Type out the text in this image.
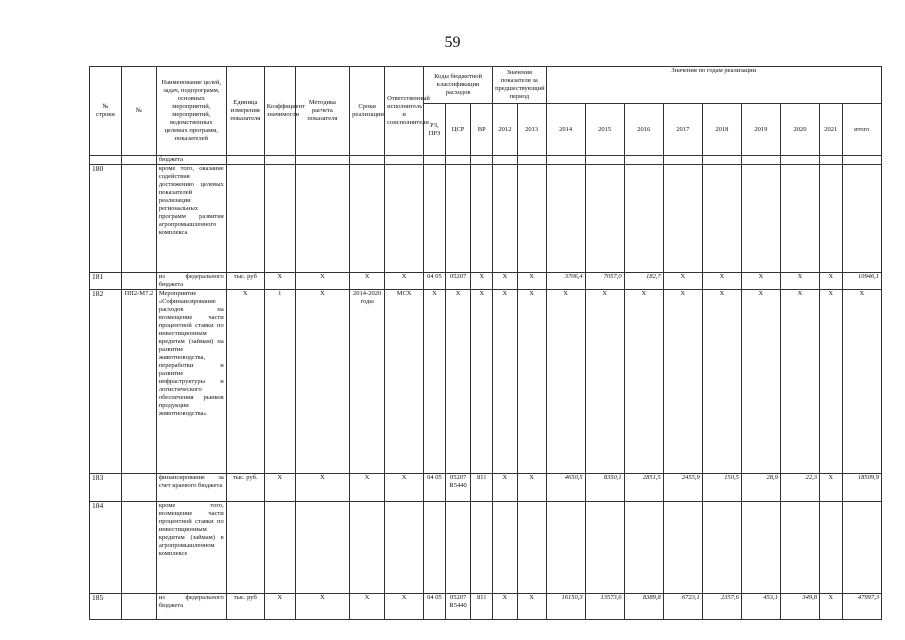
59
№
строки	№	Наименование целей, задач, подпрограмм, основных мероприятий, мероприятий, ведомственных целевых программ, показателей	Единица измерения показателя	Коэффициент значимости	Методика расчета показателя	Сроки реализации	Ответственный исполнитель и соисполнители	Коды бюджетной классификации расходов			Значения показателя за предшествующий период		Значения по годам реализации								
								РЗ, ПРЗ	ЦСР	ВР	2012	2013	2014	2015	2016	2017	2018	2019	2020	2021	итого
		бюджета																			
180		кроме того, оказание содействия достижению целевых показателей реализации региональных программ развития агропромышленного комплекса																			
181		из федерального бюджета	тыс. руб	X	X	X	X	04 05	05207	X	X	X	3706,4	7057,0	182,7	X	X	X	X	X	10946,1
182	ПП2-М7.2	Мероприятие «Софинансирование расходов на возмещение части процентной ставки по инвестиционным кредитам (займам) на развитие животноводства, переработки и развитие инфраструктуры и логистического обеспечения рынков продукции животноводства»	X	1	X	2014-2020 годы	МСХ	X	X	X	X	X	X	X	X	X	X	X	X	X	X
183		финансирование за счет краевого бюджета	тыс. руб.	X	X	X	X	04 05	05207 R5440	811	X	X	4650,5	8350,1	2851,5	2455,9	150,5	28,9	22,3	X	18509,9
184		кроме того, возмещение части процентной ставки по инвестиционным кредитам (займам) в агропромышленном комплексе																			
185		из федерального бюджета	тыс. руб	X	X	X	X	04 05	05207 R5440	811	X	X	16150,3	13573,6	8389,8	6723,1	2357,6	453,1	349,8	X	47997,3
